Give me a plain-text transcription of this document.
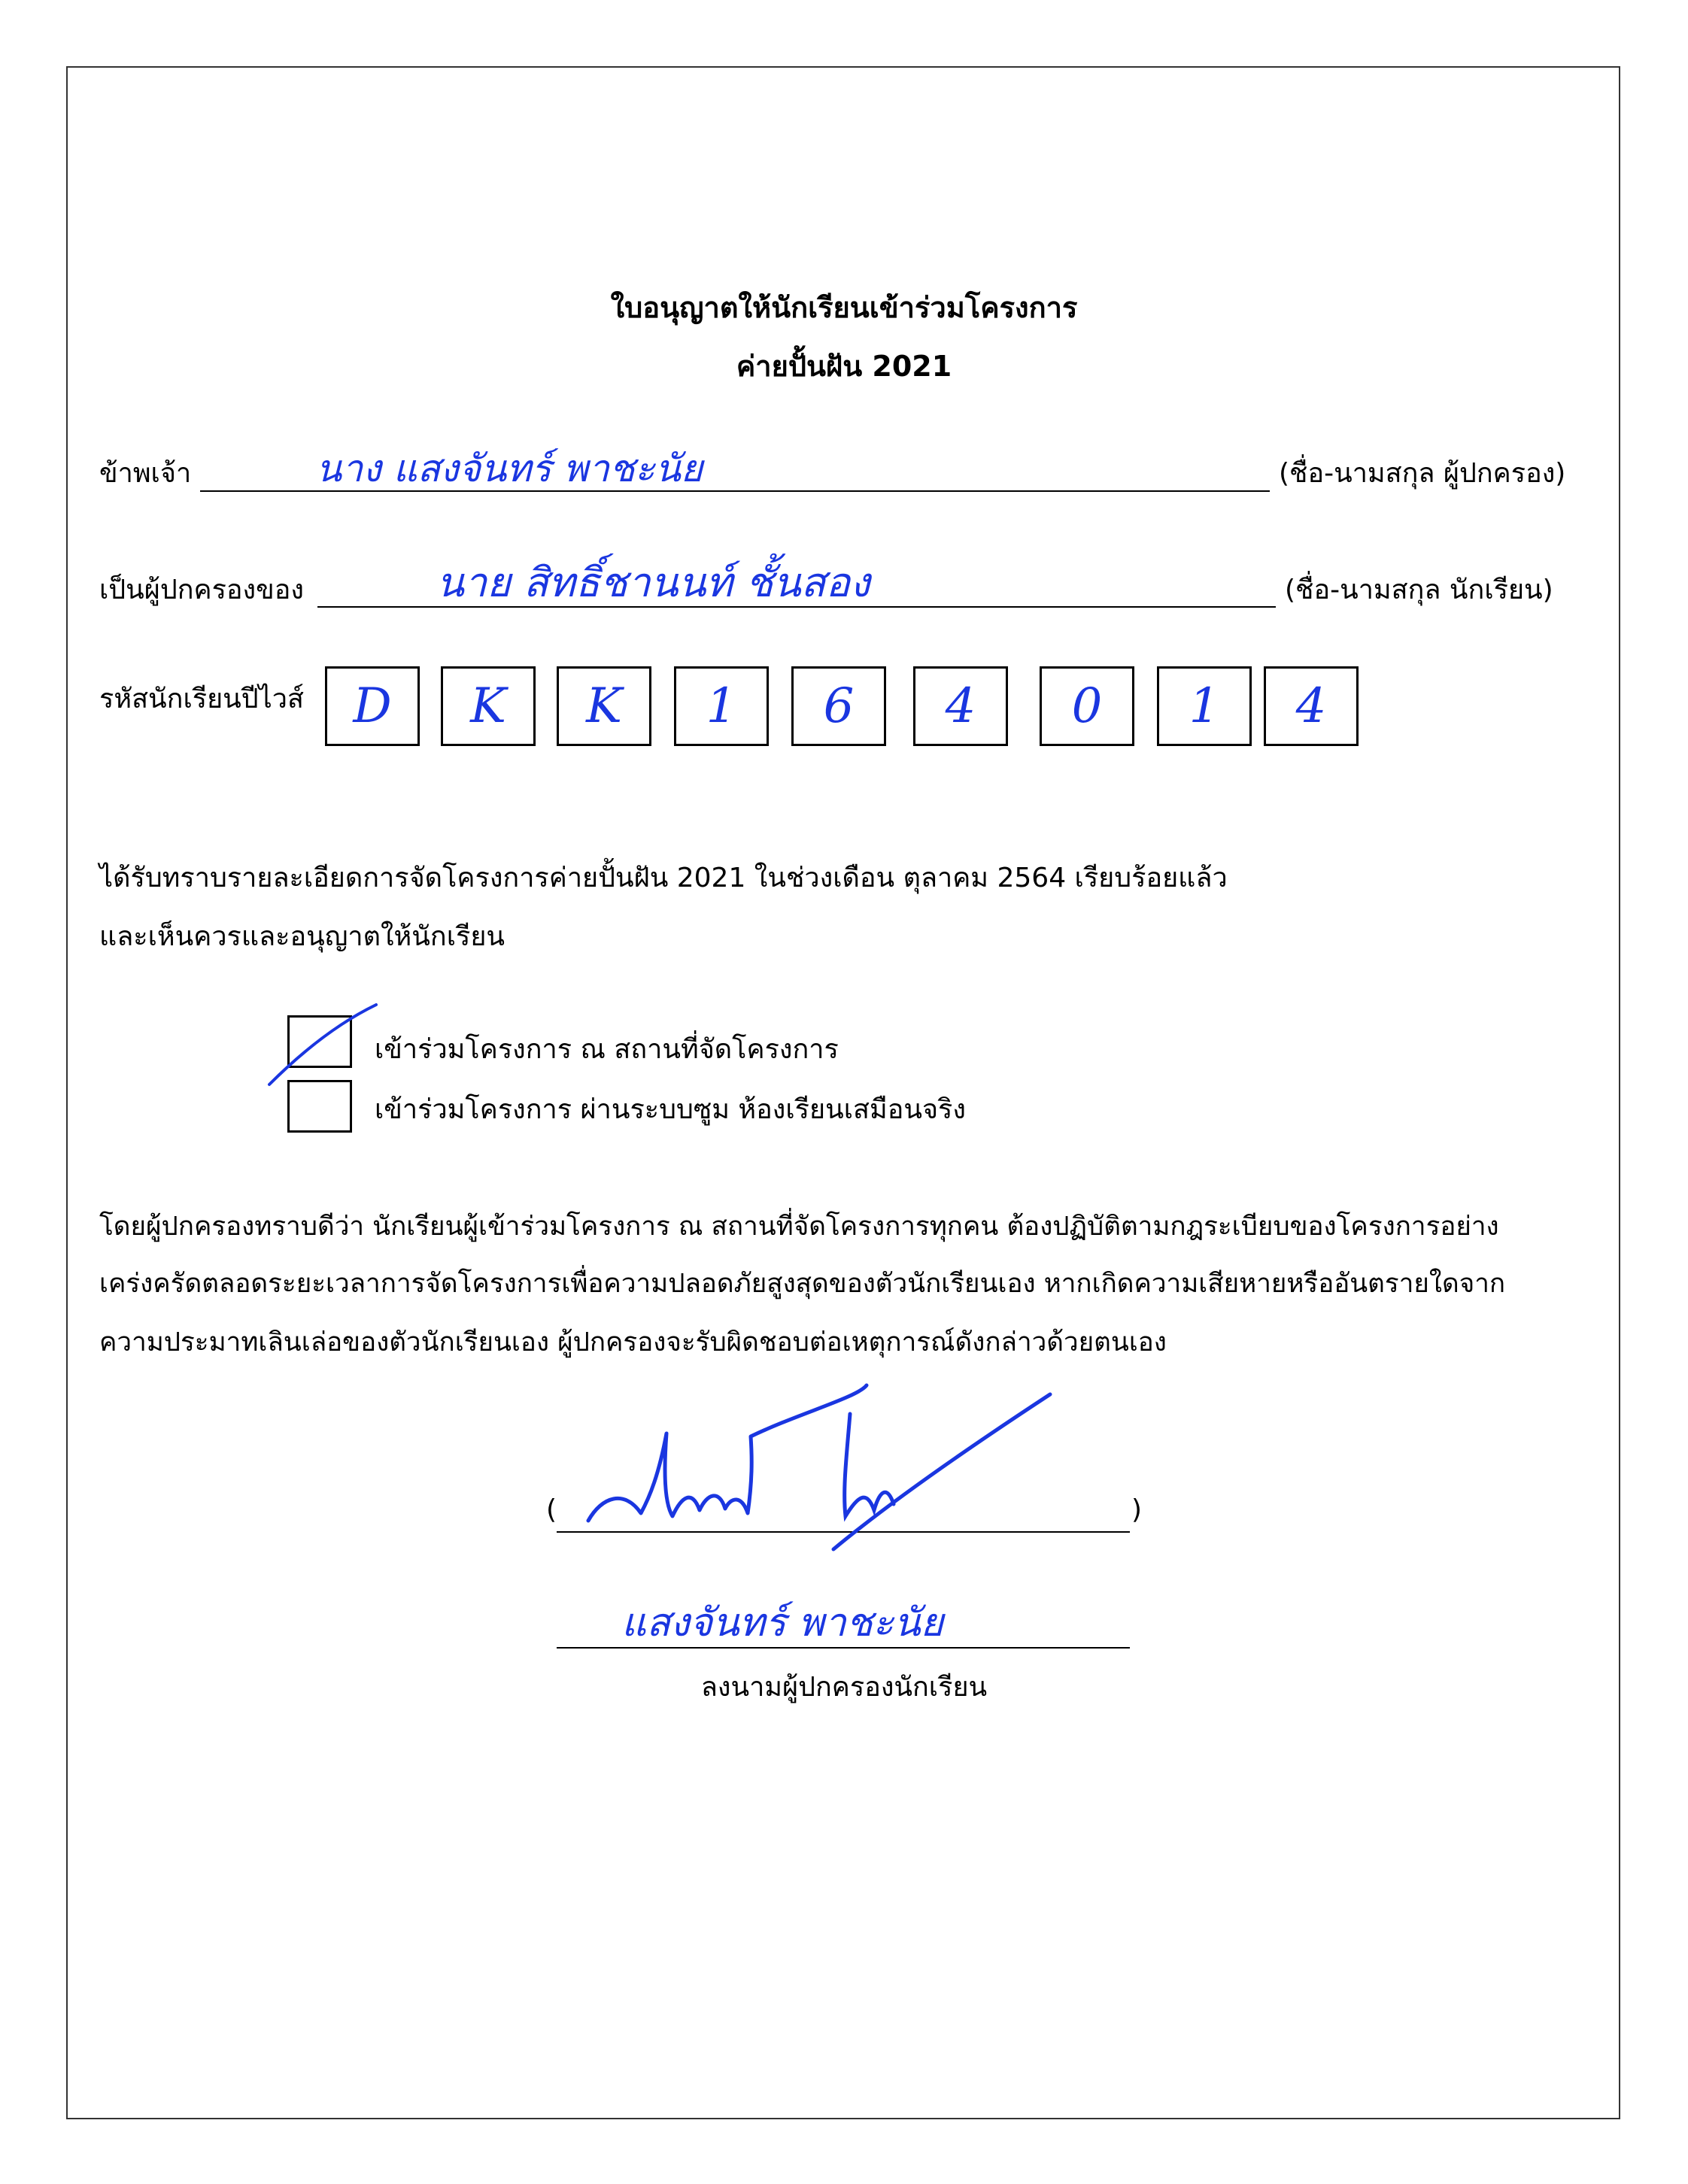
ใบอนุญาตให้นักเรียนเข้าร่วมโครงการ
ค่ายปั้นฝัน 2021
ข้าพเจ้า	นาง แสงจันทร์ พาชะนัย	(ชื่อ-นามสกุล ผู้ปกครอง)
เป็นผู้ปกครองของ	นาย สิทธิ์ชานนท์ ชั้นสอง	(ชื่อ-นามสกุล นักเรียน)
รหัสนักเรียนปีไวส์	D	K	K	1	6	4	0	1	4
ได้รับทราบรายละเอียดการจัดโครงการค่ายปั้นฝัน 2021 ในช่วงเดือน ตุลาคม 2564 เรียบร้อยแล้ว
และเห็นควรและอนุญาตให้นักเรียน
เข้าร่วมโครงการ ณ สถานที่จัดโครงการ
เข้าร่วมโครงการ ผ่านระบบซูม ห้องเรียนเสมือนจริง
โดยผู้ปกครองทราบดีว่า นักเรียนผู้เข้าร่วมโครงการ ณ สถานที่จัดโครงการทุกคน ต้องปฏิบัติตามกฎระเบียบของโครงการอย่าง
เคร่งครัดตลอดระยะเวลาการจัดโครงการเพื่อความปลอดภัยสูงสุดของตัวนักเรียนเอง หากเกิดความเสียหายหรืออันตรายใดจาก
ความประมาทเลินเล่อของตัวนักเรียนเอง ผู้ปกครองจะรับผิดชอบต่อเหตุการณ์ดังกล่าวด้วยตนเอง
(	)
แสงจันทร์ พาชะนัย
ลงนามผู้ปกครองนักเรียน
